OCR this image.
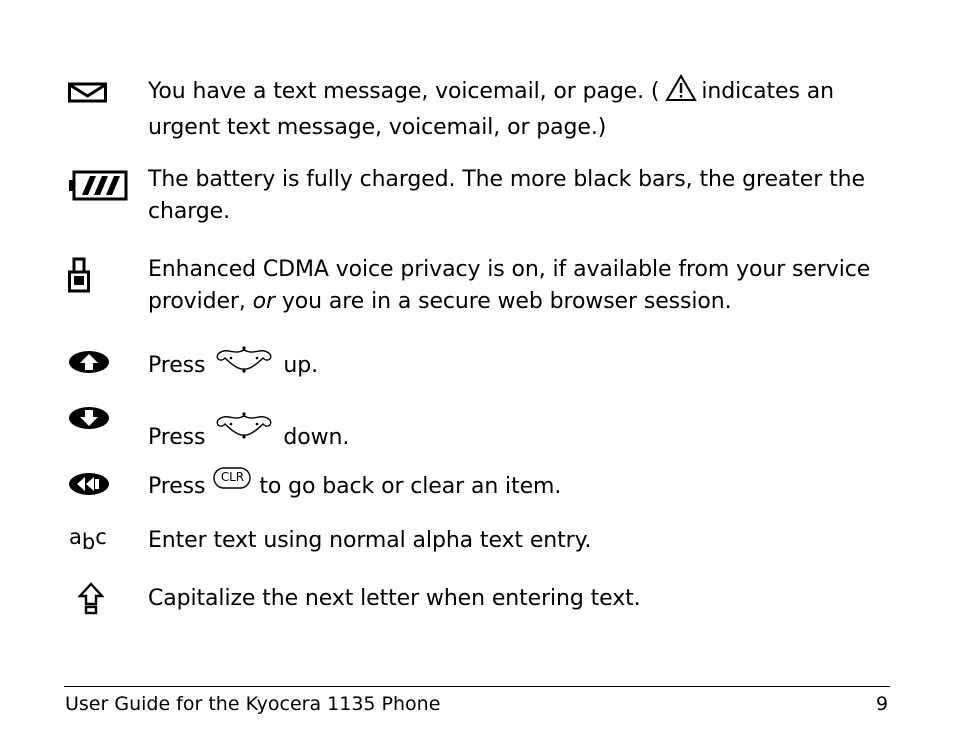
You have a text message, voicemail, or page. ( indicates an urgent text message, voicemail, or page.)
The battery is fully charged. The more black bars, the greater the charge.
Enhanced CDMA voice privacy is on, if available from your service provider, or you are in a secure web browser session.
Press	up.
Press	down.
Press	CLR to go back or clear an item.
abc Enter text using normal alpha text entry.
Capitalize the next letter when entering text.
User Guide for the Kyocera 1135 Phone	9
